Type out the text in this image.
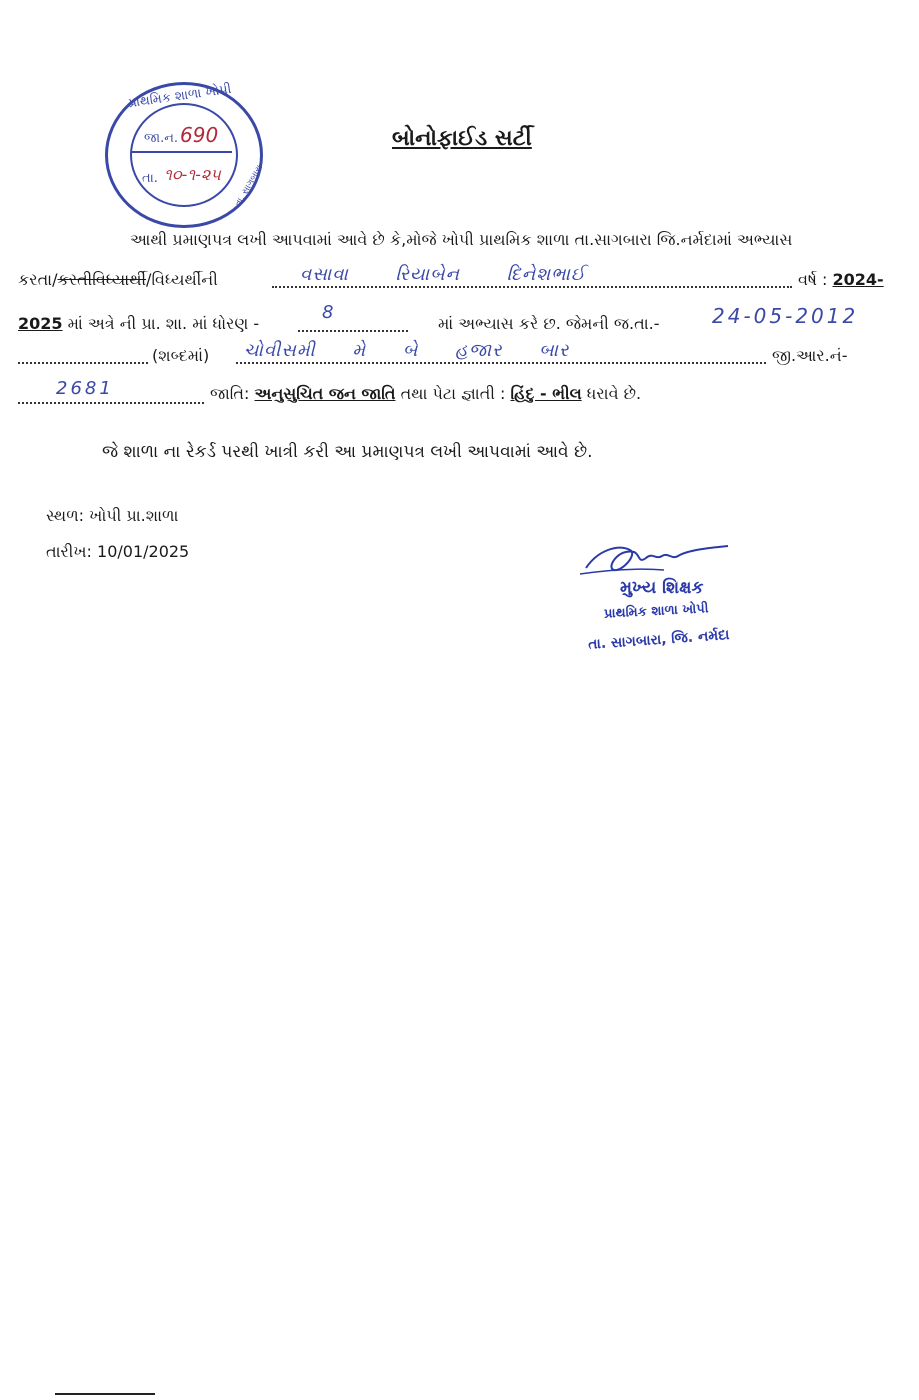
પ્રાથમિક શાળા ખોપી
જા.ન. 690
તા. ૧૦-૧-૨૫ તા. સાગબારા
બોનોફાઈડ સર્ટી
આથી પ્રમાણપત્ર લખી આપવામાં આવે છે કે,મોજે ખોપી પ્રાથમિક શાળા તા.સાગબારા જિ.નર્મદામાં અભ્યાસ
કરતા/કરતીવિધ્યાર્થી/વિધ્યર્થીની	વસાવા રિયાબેન દિનેશભાઈ	વર્ષ : 2024-
2025 માં અત્રે ની પ્રા. શા. માં ધોરણ -
8
માં અભ્યાસ કરે છ. જેમની જ.તા.-	24-05-2012
(શબ્દમાં) ચોવીસમી મે બે હજાર બાર	જી.આર.નં-
2681	જાતિ: અનુસુચિત જન જાતિ તથા પેટા જ્ઞાતી : હિંદુ - ભીલ ધરાવે છે.
જે શાળા ના રેકર્ડ પરથી ખાત્રી કરી આ પ્રમાણપત્ર લખી આપવામાં આવે છે.
સ્થળ: ખોપી પ્રા.શાળા
તારીખ: 10/01/2025
મુખ્ય શિક્ષક
પ્રાથમિક શાળા ખોપી
તા. સાગબારા, જિ. નર્મદા
